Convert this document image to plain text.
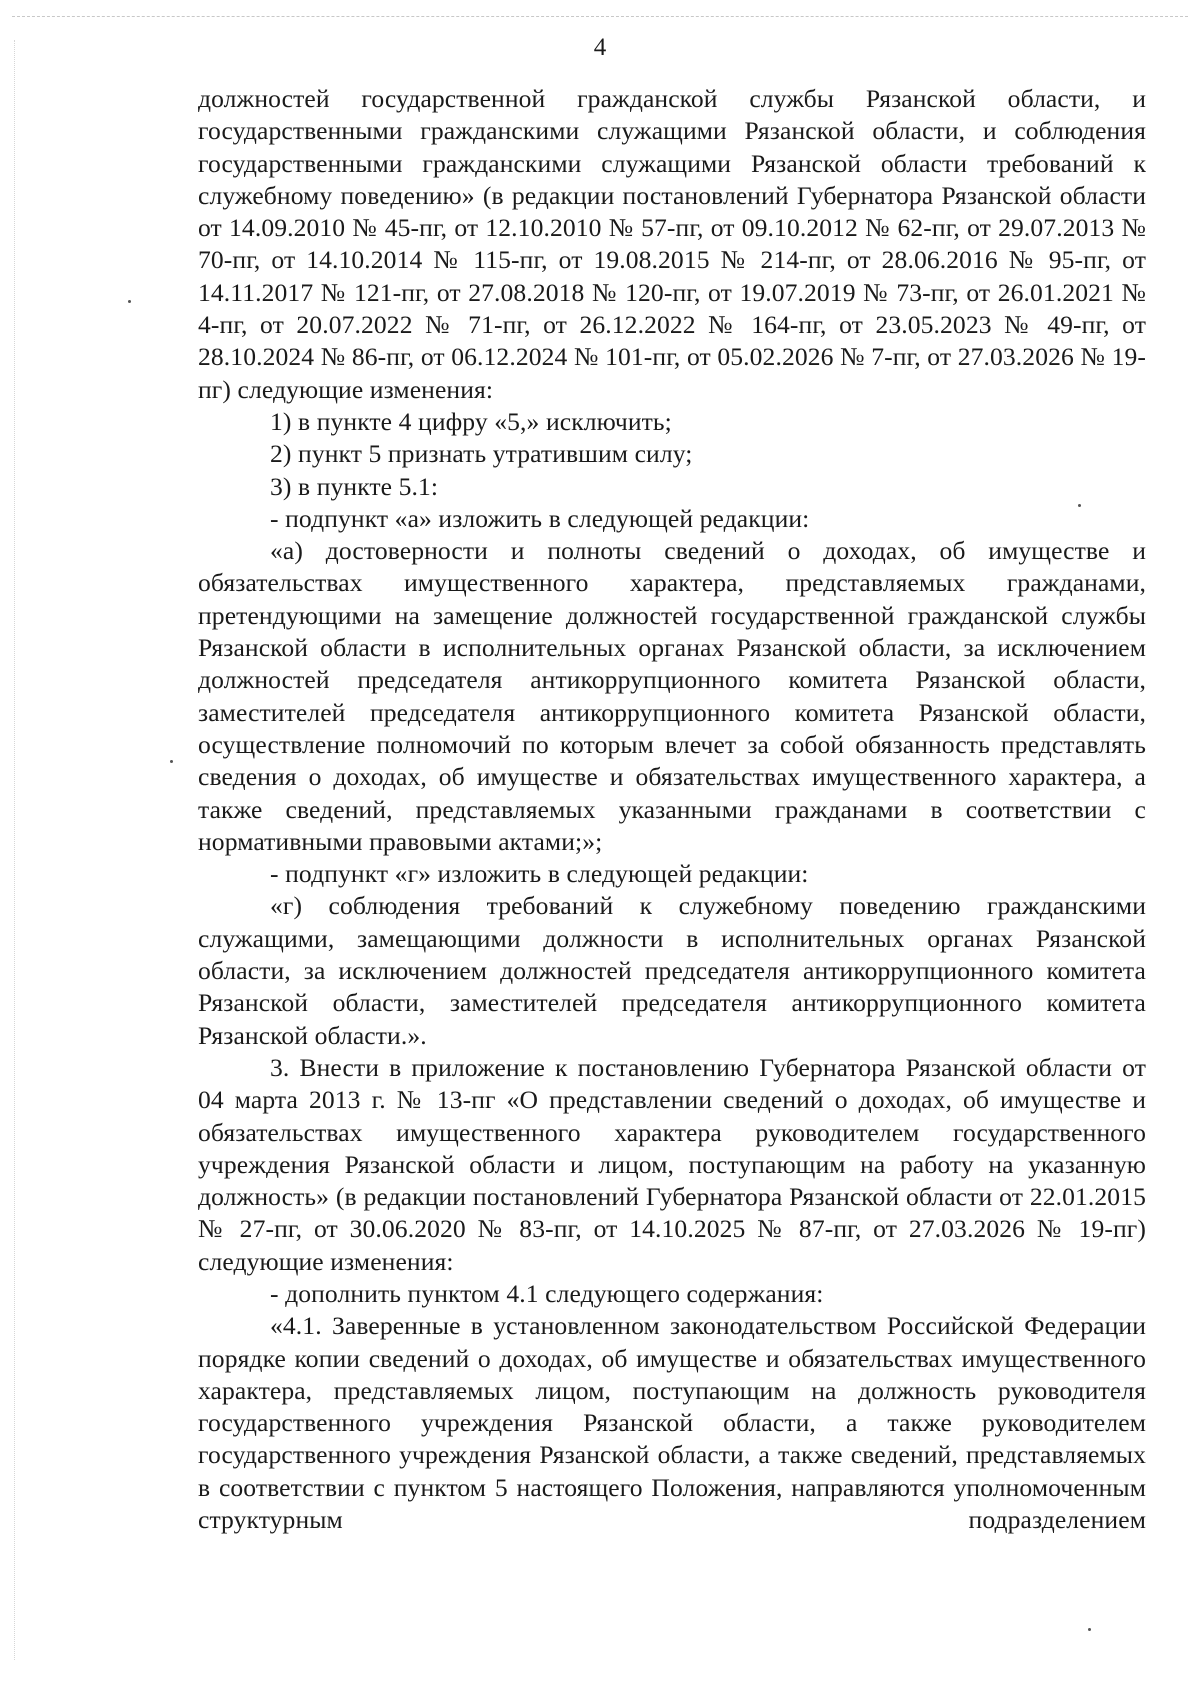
4

должностей государственной гражданской службы Рязанской области, и государственными гражданскими служащими Рязанской области, и соблюдения государственными гражданскими служащими Рязанской области требований к служебному поведению» (в редакции постановлений Губернатора Рязанской области от 14.09.2010 № 45-пг, от 12.10.2010 № 57-пг, от 09.10.2012 № 62-пг, от 29.07.2013 № 70-пг, от 14.10.2014 № 115-пг, от 19.08.2015 № 214-пг, от 28.06.2016 № 95-пг, от 14.11.2017 № 121-пг, от 27.08.2018 № 120-пг, от 19.07.2019 № 73-пг, от 26.01.2021 № 4-пг, от 20.07.2022 № 71-пг, от 26.12.2022 № 164-пг, от 23.05.2023 № 49-пг, от 28.10.2024 № 86-пг, от 06.12.2024 № 101-пг, от 05.02.2026 № 7-пг, от 27.03.2026 № 19-пг) следующие изменения:

1) в пункте 4 цифру «5,» исключить;

2) пункт 5 признать утратившим силу;

3) в пункте 5.1:

- подпункт «а» изложить в следующей редакции:

«а) достоверности и полноты сведений о доходах, об имуществе и обязательствах имущественного характера, представляемых гражданами, претендующими на замещение должностей государственной гражданской службы Рязанской области в исполнительных органах Рязанской области, за исключением должностей председателя антикоррупционного комитета Рязанской области, заместителей председателя антикоррупционного комитета Рязанской области, осуществление полномочий по которым влечет за собой обязанность представлять сведения о доходах, об имуществе и обязательствах имущественного характера, а также сведений, представляемых указанными гражданами в соответствии с нормативными правовыми актами;»;

- подпункт «г» изложить в следующей редакции:

«г) соблюдения требований к служебному поведению гражданскими служащими, замещающими должности в исполнительных органах Рязанской области, за исключением должностей председателя антикоррупционного комитета Рязанской области, заместителей председателя антикоррупционного комитета Рязанской области.».

3. Внести в приложение к постановлению Губернатора Рязанской области от 04 марта 2013 г. № 13-пг «О представлении сведений о доходах, об имуществе и обязательствах имущественного характера руководителем государственного учреждения Рязанской области и лицом, поступающим на работу на указанную должность» (в редакции постановлений Губернатора Рязанской области от 22.01.2015 № 27-пг, от 30.06.2020 № 83-пг, от 14.10.2025 № 87-пг, от 27.03.2026 № 19-пг) следующие изменения:

- дополнить пунктом 4.1 следующего содержания:

«4.1. Заверенные в установленном законодательством Российской Федерации порядке копии сведений о доходах, об имуществе и обязательствах имущественного характера, представляемых лицом, поступающим на должность руководителя государственного учреждения Рязанской области, а также руководителем государственного учреждения Рязанской области, а также сведений, представляемых в соответствии с пунктом 5 настоящего Положения, направляются уполномоченным структурным подразделением
